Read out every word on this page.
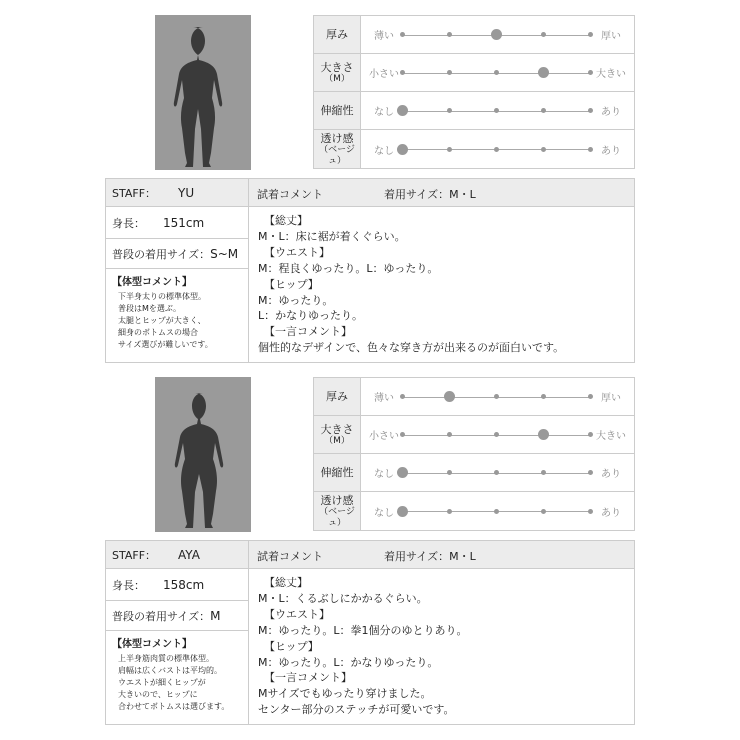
厚み	薄い	厚い
大きさ
（M）	小さい	大きい
伸縮性	なし	あり
透け感
（ベージュ）
なし	あり
STAFF： YU
身長： 151cm
普段の着用サイズ： S~M
【体型コメント】
下半身太りの標準体型。
普段はMを選ぶ。
太腿とヒップが大きく、
細身のボトムスの場合
サイズ選びが難しいです。
試着コメント	着用サイズ：M・L
【総丈】
M・L：床に裾が着くぐらい。
【ウエスト】
M：程良くゆったり。L：ゆったり。
【ヒップ】
M：ゆったり。
L：かなりゆったり。
【一言コメント】
個性的なデザインで、色々な穿き方が出来るのが面白いです。
厚み	薄い	厚い
大きさ
（M）	小さい	大きい
伸縮性	なし	あり
透け感
（ベージュ）
なし	あり
STAFF： AYA
身長： 158cm
普段の着用サイズ： M
【体型コメント】
上半身筋肉質の標準体型。
肩幅は広くバストは平均的。
ウエストが細くヒップが
大きいので、ヒップに
合わせてボトムスは選びます。
試着コメント	着用サイズ：M・L
【総丈】
M・L：くるぶしにかかるぐらい。
【ウエスト】
M：ゆったり。L：拳1個分のゆとりあり。
【ヒップ】
M：ゆったり。L：かなりゆったり。
【一言コメント】
Mサイズでもゆったり穿けました。
センター部分のステッチが可愛いです。
